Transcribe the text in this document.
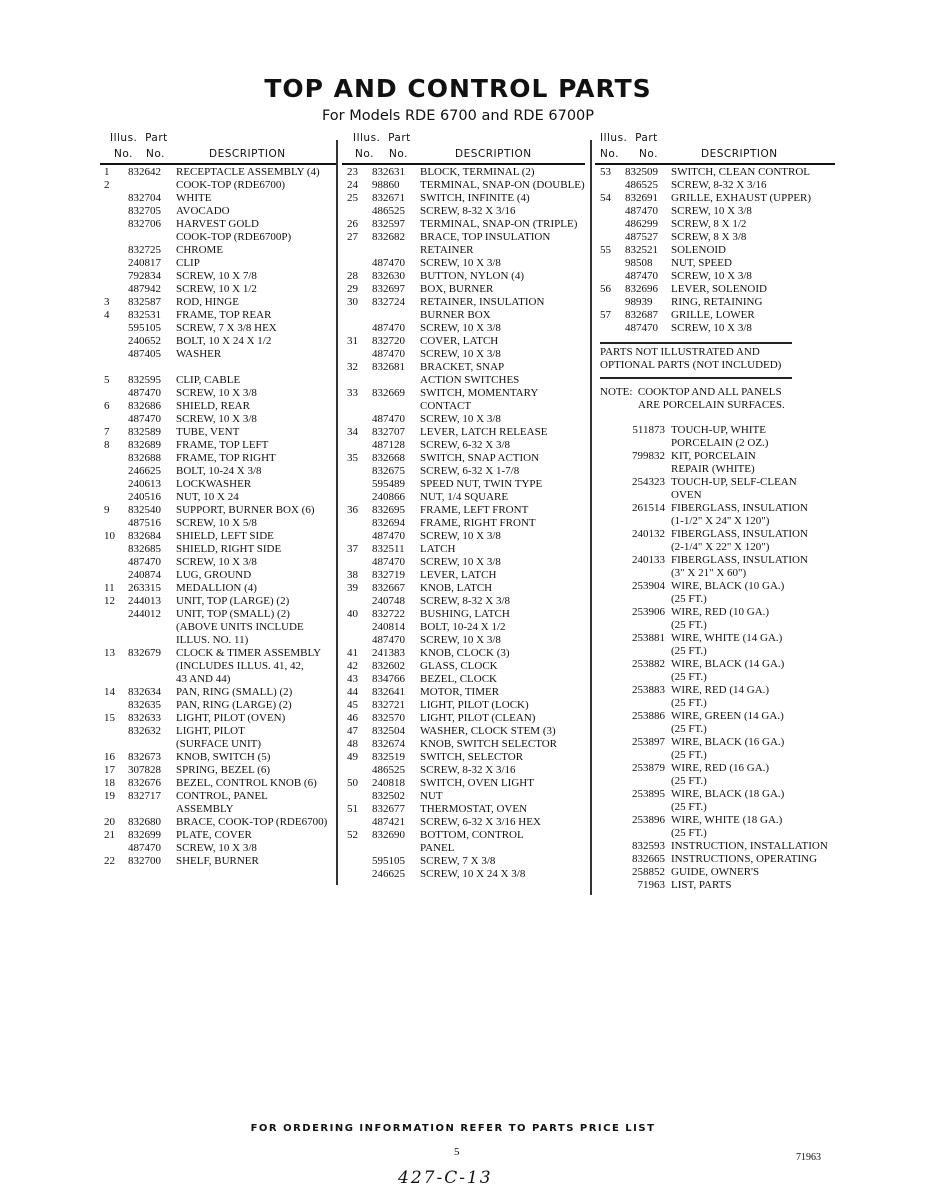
TOP AND CONTROL PARTS
For Models RDE 6700 and RDE 6700P
Illus.  Part
No. No.	DESCRIPTION
1 832642 RECEPTACLE ASSEMBLY (4)
2	COOK-TOP (RDE6700)
832704 WHITE
832705 AVOCADO
832706 HARVEST GOLD
COOK-TOP (RDE6700P)
832725 CHROME
240817 CLIP
792834 SCREW, 10 X 7/8
487942 SCREW, 10 X 1/2
3 832587 ROD, HINGE
4 832531 FRAME, TOP REAR
595105 SCREW, 7 X 3/8 HEX
240652 BOLT, 10 X 24 X 1/2
487405 WASHER
5 832595 CLIP, CABLE
487470 SCREW, 10 X 3/8
6 832686 SHIELD, REAR
487470 SCREW, 10 X 3/8
7 832589 TUBE, VENT
8 832689 FRAME, TOP LEFT
832688 FRAME, TOP RIGHT
246625 BOLT, 10-24 X 3/8
240613 LOCKWASHER
240516 NUT, 10 X 24
9 832540 SUPPORT, BURNER BOX (6)
487516 SCREW, 10 X 5/8
10 832684 SHIELD, LEFT SIDE
832685 SHIELD, RIGHT SIDE
487470 SCREW, 10 X 3/8
240874 LUG, GROUND
11 263315 MEDALLION (4)
12 244013 UNIT, TOP (LARGE) (2)
244012 UNIT, TOP (SMALL) (2)
(ABOVE UNITS INCLUDE
ILLUS. NO. 11)
13 832679 CLOCK & TIMER ASSEMBLY
(INCLUDES ILLUS. 41, 42,
43 AND 44)
14 832634 PAN, RING (SMALL) (2)
832635 PAN, RING (LARGE) (2)
15 832633 LIGHT, PILOT (OVEN)
832632 LIGHT, PILOT
(SURFACE UNIT)
16 832673 KNOB, SWITCH (5)
17 307828 SPRING, BEZEL (6)
18 832676 BEZEL, CONTROL KNOB (6)
19 832717 CONTROL, PANEL
ASSEMBLY
20 832680 BRACE, COOK-TOP (RDE6700)
21 832699 PLATE, COVER
487470 SCREW, 10 X 3/8
22 832700 SHELF, BURNER
Illus.  Part
No. No.	DESCRIPTION
23 832631 BLOCK, TERMINAL (2)
24 98860 TERMINAL, SNAP-ON (DOUBLE)
25 832671 SWITCH, INFINITE (4)
486525 SCREW, 8-32 X 3/16
26 832597 TERMINAL, SNAP-ON (TRIPLE)
27 832682 BRACE, TOP INSULATION
RETAINER
487470 SCREW, 10 X 3/8
28 832630 BUTTON, NYLON (4)
29 832697 BOX, BURNER
30 832724 RETAINER, INSULATION
BURNER BOX
487470 SCREW, 10 X 3/8
31 832720 COVER, LATCH
487470 SCREW, 10 X 3/8
32 832681 BRACKET, SNAP
ACTION SWITCHES
33 832669 SWITCH, MOMENTARY
CONTACT
487470 SCREW, 10 X 3/8
34 832707 LEVER, LATCH RELEASE
487128 SCREW, 6-32 X 3/8
35 832668 SWITCH, SNAP ACTION
832675 SCREW, 6-32 X 1-7/8
595489 SPEED NUT, TWIN TYPE
240866 NUT, 1/4 SQUARE
36 832695 FRAME, LEFT FRONT
832694 FRAME, RIGHT FRONT
487470 SCREW, 10 X 3/8
37 832511 LATCH
487470 SCREW, 10 X 3/8
38 832719 LEVER, LATCH
39 832667 KNOB, LATCH
240748 SCREW, 8-32 X 3/8
40 832722 BUSHING, LATCH
240814 BOLT, 10-24 X 1/2
487470 SCREW, 10 X 3/8
41 241383 KNOB, CLOCK (3)
42 832602 GLASS, CLOCK
43 834766 BEZEL, CLOCK
44 832641 MOTOR, TIMER
45 832721 LIGHT, PILOT (LOCK)
46 832570 LIGHT, PILOT (CLEAN)
47 832504 WASHER, CLOCK STEM (3)
48 832674 KNOB, SWITCH SELECTOR
49 832519 SWITCH, SELECTOR
486525 SCREW, 8-32 X 3/16
50 240818 SWITCH, OVEN LIGHT
832502 NUT
51 832677 THERMOSTAT, OVEN
487421 SCREW, 6-32 X 3/16 HEX
52 832690 BOTTOM, CONTROL
PANEL
595105 SCREW, 7 X 3/8
246625 SCREW, 10 X 24 X 3/8
Illus.  Part
No. No.	DESCRIPTION
53 832509 SWITCH, CLEAN CONTROL
486525 SCREW, 8-32 X 3/16
54 832691 GRILLE, EXHAUST (UPPER)
487470 SCREW, 10 X 3/8
486299 SCREW, 8 X 1/2
487527 SCREW, 8 X 3/8
55 832521 SOLENOID
98508 NUT, SPEED
487470 SCREW, 10 X 3/8
56 832696 LEVER, SOLENOID
98939 RING, RETAINING
57 832687 GRILLE, LOWER
487470 SCREW, 10 X 3/8
PARTS NOT ILLUSTRATED AND
OPTIONAL PARTS (NOT INCLUDED)
NOTE:  COOKTOP AND ALL PANELS
ARE PORCELAIN SURFACES.
511873 TOUCH-UP, WHITE
PORCELAIN (2 OZ.)
799832 KIT, PORCELAIN
REPAIR (WHITE)
254323 TOUCH-UP, SELF-CLEAN
OVEN
261514 FIBERGLASS, INSULATION
(1-1/2" X 24" X 120")
240132 FIBERGLASS, INSULATION
(2-1/4" X 22" X 120")
240133 FIBERGLASS, INSULATION
(3" X 21" X 60")
253904 WIRE, BLACK (10 GA.)
(25 FT.)
253906 WIRE, RED (10 GA.)
(25 FT.)
253881 WIRE, WHITE (14 GA.)
(25 FT.)
253882 WIRE, BLACK (14 GA.)
(25 FT.)
253883 WIRE, RED (14 GA.)
(25 FT.)
253886 WIRE, GREEN (14 GA.)
(25 FT.)
253897 WIRE, BLACK (16 GA.)
(25 FT.)
253879 WIRE, RED (16 GA.)
(25 FT.)
253895 WIRE, BLACK (18 GA.)
(25 FT.)
253896 WIRE, WHITE (18 GA.)
(25 FT.)
832593 INSTRUCTION, INSTALLATION
832665 INSTRUCTIONS, OPERATING
258852 GUIDE, OWNER'S
71963 LIST, PARTS
FOR ORDERING INFORMATION REFER TO PARTS PRICE LIST
5	71963
427-C-13
